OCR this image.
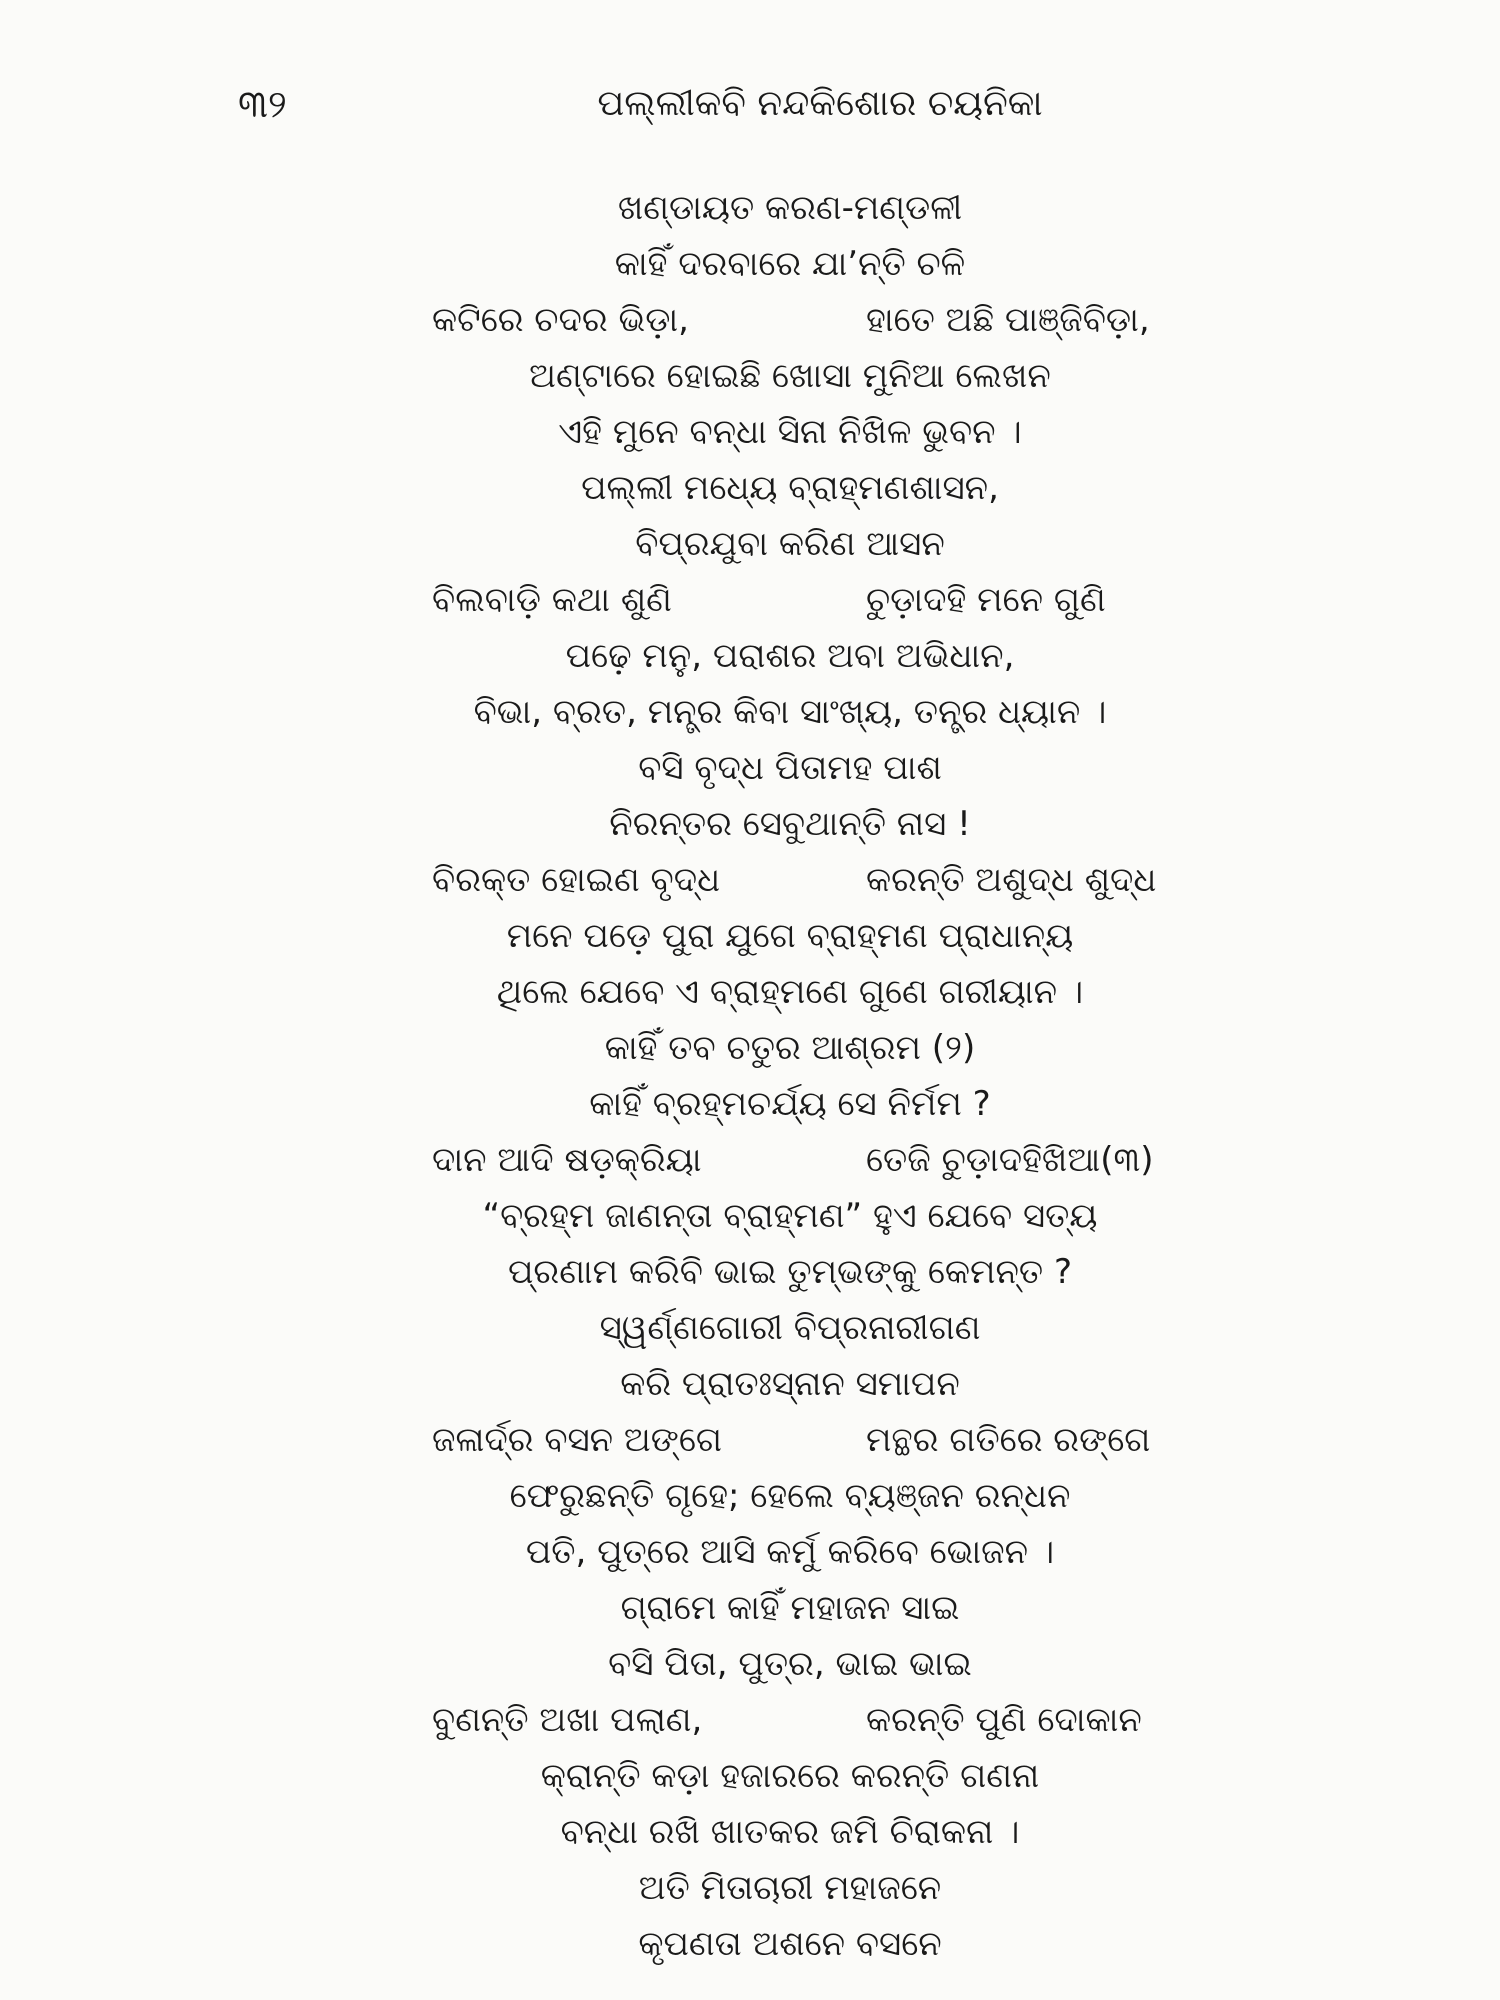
୩୨	ପଲ୍ଲୀକବି ନନ୍ଦକିଶୋର ଚୟନିକା
ଖଣ୍ଡାୟତ କରଣ-ମଣ୍ଡଳୀ
କାହିଁ ଦରବାରେ ଯା’ନ୍ତି ଚଳି
କଟିରେ ଚଦର ଭିଡ଼ା,	ହାତେ ଅଛି ପାଞ୍ଜିବିଡ଼ା,
ଅଣ୍ଟାରେ ହୋଇଛି ଖୋସା ମୁନିଆ ଲେଖନ
ଏହି ମୁନେ ବନ୍ଧା ସିନା ନିଖିଳ ଭୁବନ ।
ପଲ୍ଲୀ ମଧ୍ୟେ ବ୍ରାହ୍ମଣଶାସନ,
ବିପ୍ରଯୁବା କରିଣ ଆସନ
ବିଲବାଡ଼ି କଥା ଶୁଣି	ଚୁଡ଼ାଦହି ମନେ ଗୁଣି
ପଢ଼େ ମନୁ, ପରାଶର ଅବା ଅଭିଧାନ,
ବିଭା, ବ୍ରତ, ମନ୍ତ୍ର କିବା ସାଂଖ୍ୟ, ତନ୍ତ୍ର ଧ୍ୟାନ ।
ବସି ବୃଦ୍ଧ ପିତାମହ ପାଶ
ନିରନ୍ତର ସେବୁଥାନ୍ତି ନାସ !
ବିରକ୍ତ ହୋଇଣ ବୃଦ୍ଧ	କରନ୍ତି ଅଶୁଦ୍ଧ ଶୁଦ୍ଧ
ମନେ ପଡ଼େ ପୁରା ଯୁଗେ ବ୍ରାହ୍ମଣ ପ୍ରାଧାନ୍ୟ
ଥିଲେ ଯେବେ ଏ ବ୍ରାହ୍ମଣେ ଗୁଣେ ଗରୀୟାନ ।
କାହିଁ ତବ ଚତୁର ଆଶ୍ରମ (୨)
କାହିଁ ବ୍ରହ୍ମଚର୍ଯ୍ୟ ସେ ନିର୍ମମ ?
ଦାନ ଆଦି ଷଡ଼କ୍ରିୟା	ତେଜି ଚୁଡ଼ାଦହିଖିଆ(୩)
“ବ୍ରହ୍ମ ଜାଣନ୍ତା ବ୍ରାହ୍ମଣ” ହୁଏ ଯେବେ ସତ୍ୟ
ପ୍ରଣାମ କରିବି ଭାଇ ତୁମ୍ଭଙ୍କୁ କେମନ୍ତ ?
ସ୍ୱର୍ଣ୍ଣଗୋରୀ ବିପ୍ରନାରୀଗଣ
କରି ପ୍ରାତଃସ୍ନାନ ସମାପନ
ଜଳାର୍ଦ୍ର ବସନ ଅଙ୍ଗେ	ମନ୍ଥର ଗତିରେ ରଙ୍ଗେ
ଫେରୁଛନ୍ତି ଗୃହେ; ହେଲେ ବ୍ୟଞ୍ଜନ ରନ୍ଧନ
ପତି, ପୁତ୍ରେ ଆସି କର୍ମୁ କରିବେ ଭୋଜନ ।
ଗ୍ରାମେ କାହିଁ ମହାଜନ ସାଇ
ବସି ପିତା, ପୁତ୍ର, ଭାଇ ଭାଇ
ବୁଣନ୍ତି ଅଖା ପଲାଣ,	କରନ୍ତି ପୁଣି ଦୋକାନ
କ୍ରାନ୍ତି କଡ଼ା ହଜାରରେ କରନ୍ତି ଗଣନା
ବନ୍ଧା ରଖି ଖାତକର ଜମି ଚିରାକନା ।
ଅତି ମିତାଚାରୀ ମହାଜନେ
କୃପଣତା ଅଶନେ ବସନେ
